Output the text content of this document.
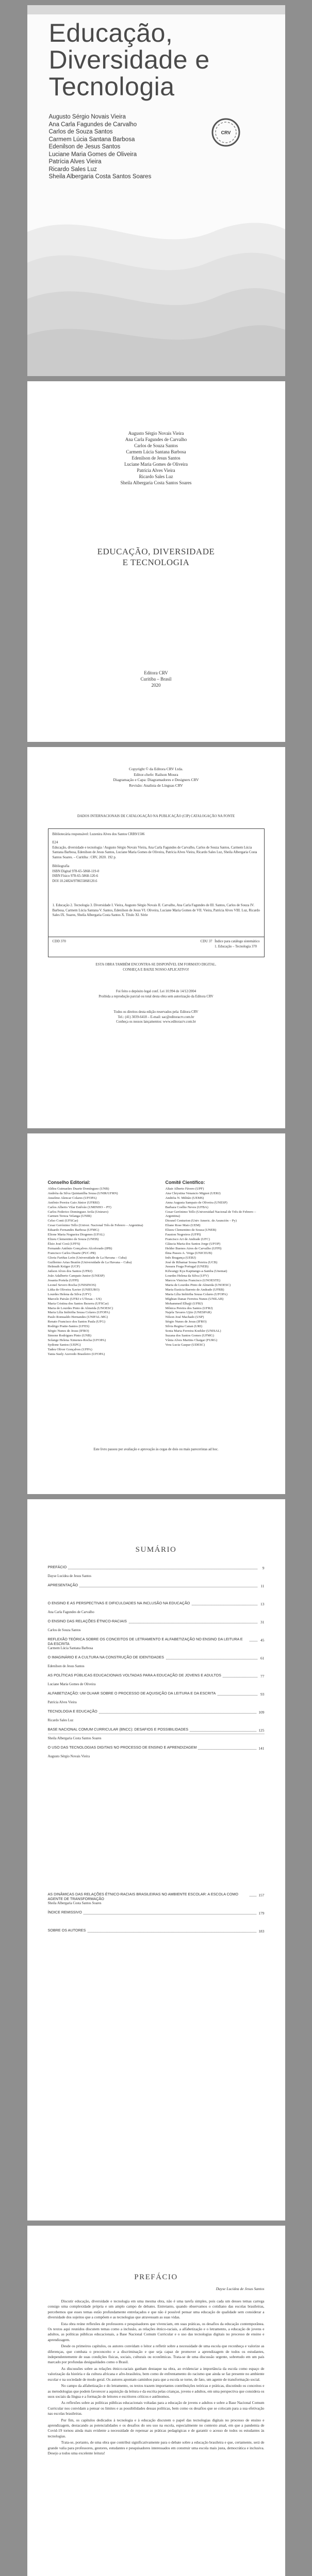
Educação,
Diversidade e
Tecnologia
Augusto Sérgio Novais Vieira
Ana Carla Fagundes de Carvalho
Carlos de Souza Santos
Carmem Lúcia Santana Barbosa
Edenilson de Jesus Santos
Luciane Maria Gomes de Oliveira
Patrícia Alves Vieira
Ricardo Sales Luz
Sheila Albergaria Costa Santos Soares
CRV
Augusto Sérgio Novais Vieira
Ana Carla Fagundes de Carvalho
Carlos de Souza Santos
Carmem Lúcia Santana Barbosa
Edenilson de Jesus Santos
Luciane Maria Gomes de Oliveira
Patrícia Alves Vieira
Ricardo Sales Luz
Sheila Albergaria Costa Santos Soares
EDUCAÇÃO, DIVERSIDADE
E TECNOLOGIA
Editora CRV
Curitiba – Brasil
2020
Copyright © da Editora CRV Ltda.
Editor-chefe: Railson Moura
Diagramação e Capa: Diagramadores e Designers CRV
Revisão: Analista de Línguas CRV
DADOS INTERNACIONAIS DE CATALOGAÇÃO NA PUBLICAÇÃO (CIP) CATALOGAÇÃO NA FONTE
Bibliotecária responsável: Luzenira Alves dos Santos CRB9/1506
E24
Educação, diversidade e tecnologia / Augusto Sérgio Novais Vieira, Ana Carla Fagundes de Carvalho, Carlos de Souza Santos, Carmem Lúcia Santana Barbosa, Edenilson de Jesus Santos, Luciane Maria Gomes de Oliveira, Patrícia Alves Vieira, Ricardo Sales Luz, Sheila Albergaria Costa Santos Soares. – Curitiba : CRV, 2020. 192 p.
Bibliografia
ISBN Digital 978-65-5868-119-0
ISBN Físico 978-65-5868-120-6
DOI 10.24824/978655868120.6
1. Educação 2. Tecnologia 3. Diversidade I. Vieira, Augusto Sérgio Novais II. Carvalho, Ana Carla Fagundes de III. Santos, Carlos de Souza IV. Barbosa, Carmem Lúcia Santana V. Santos, Edenilson de Jesus VI. Oliveira, Luciane Maria Gomes de VII. Vieira, Patrícia Alves VIII. Luz, Ricardo Sales IX. Soares, Sheila Albergaria Costa Santos X. Título XI. Série
CDD 370	CDU 37 Índice para catálogo sistemático
1. Educação – Tecnologia 370
ESTA OBRA TAMBÉM ENCONTRA-SE DISPONÍVEL EM FORMATO DIGITAL.
CONHEÇA E BAIXE NOSSO APLICATIVO!
Foi feito o depósito legal conf. Lei 10.994 de 14/12/2004
Proibida a reprodução parcial ou total desta obra sem autorização da Editora CRV
Todos os direitos desta edição reservados pela: Editora CRV
Tel.: (41) 3039-6418 – E-mail: sac@editoracrv.com.br
Conheça os nossos lançamentos: www.editoracrv.com.br
Conselho Editorial:
Aldira Guimarães Duarte Domínguez (UNB)
Andréia da Silva Quintanilha Sousa (UNIR/UFRN)
Anselmo Alencar Colares (UFOPA)
Antônio Pereira Gaio Júnior (UFRRJ)
Carlos Alberto Vilar Estêvão (UMINHO – PT)
Carlos Federico Dominguez Avila (Unieuro)
Carmen Tereza Velanga (UNIR)
Celso Conti (UFSCar)
Cesar Gerónimo Tello (Univer. Nacional Três de Febrero – Argentina)
Eduardo Fernandes Barbosa (UFMG)
Elione Maria Nogueira Diogenes (UFAL)
Elizeu Clementino de Souza (UNEB)
Élsio José Corá (UFFS)
Fernando Antônio Gonçalves Alcoforado (IPB)
Francisco Carlos Duarte (PUC-PR)
Gloria Fariñas León (Universidade de La Havana – Cuba)
Guillermo Arias Beatón (Universidade de La Havana – Cuba)
Helmuth Krüger (UCP)
Jailson Alves dos Santos (UFRJ)
João Adalberto Campato Junior (UNESP)
Josania Portela (UFPI)
Leonel Severo Rocha (UNISINOS)
Lídia de Oliveira Xavier (UNIEURO)
Lourdes Helena da Silva (UFV)
Marcelo Paixão (UFRJ e UTexas – US)
Maria Cristina dos Santos Bezerra (UFSCar)
Maria de Lourdes Pinto de Almeida (UNOESC)
Maria Lília Imbiriba Sousa Colares (UFOPA)
Paulo Romualdo Hernandes (UNIFAL-MG)
Renato Francisco dos Santos Paula (UFG)
Rodrigo Pratte-Santos (UFES)
Sérgio Nunes de Jesus (IFRO)
Simone Rodrigues Pinto (UNB)
Solange Helena Ximenes-Rocha (UFOPA)
Sydione Santos (UEPG)
Tadeu Oliver Gonçalves (UFPA)
Tania Suely Azevedo Brasileiro (UFOPA)
Comitê Científico:
Altair Alberto Fávero (UPF)
Ana Chrystina Venancio Mignot (UERJ)
Andréia N. Militão (UEMS)
Anna Augusta Sampaio de Oliveira (UNESP)
Barbara Coelho Neves (UFBA)
Cesar Gerónimo Tello (Universidad Nacional de Três de Febrero – Argentina)
Diosnel Centurion (Univ Americ. de Asunción – Py)
Eliane Rose Maio (UEM)
Elizeu Clementino de Souza (UNEB)
Fauston Negreiros (UFPI)
Francisco Ari de Andrade (UFC)
Gláucia Maria dos Santos Jorge (UFOP)
Helder Buenos Aires de Carvalho (UFPI)
Ilma Passos A. Veiga (UNICEUB)
Inês Bragança (UERJ)
José de Ribamar Sousa Pereira (UCB)
Jussara Fraga Portugal (UNEB)
Kilwangy Kya Kapitango-a-Samba (Unemat)
Lourdes Helena da Silva (UFV)
Marcos Vinicius Francisco (UNOESTE)
Maria de Lourdes Pinto de Almeida (UNOESC)
Maria Eurácia Barreto de Andrade (UFRB)
Maria Lília Imbiriba Sousa Colares (UFOPA)
Míghian Danae Ferreira Nunes (UNILAB)
Mohammed Elhajji (UFRJ)
Mônica Pereira dos Santos (UFRJ)
Najela Tavares Ujiie (UNESPAR)
Nilson José Machado (USP)
Sérgio Nunes de Jesus (IFRO)
Silvia Regina Canan (URI)
Sonia Maria Ferreira Koehler (UNISAL)
Suzana dos Santos Gomes (UFMG)
Vânia Alves Martins Chaigar (FURG)
Vera Lucia Gaspar (UDESC)
Este livro passou por avaliação e aprovação às cegas de dois ou mais pareceristas ad hoc.
SUMÁRIO
PREFÁCIO	9
Dayse Lucidea de Jesus Santos
APRESENTAÇÃO	11
O ENSINO E AS PERSPECTIVAS E DIFICULDADES NA INCLUSÃO NA EDUCAÇÃO	13
Ana Carla Fagundes de Carvalho
O ENSINO DAS RELAÇÕES ÉTNICO-RACIAIS	31
Carlos de Souza Santos
REFLEXÃO TEÓRICA SOBRE OS CONCEITOS DE LETRAMENTO E ALFABETIZAÇÃO NO ENSINO DA LEITURA E DA ESCRITA
45
Carmem Lúcia Santana Barbosa
O IMAGINÁRIO E A CULTURA NA CONSTRUÇÃO DE IDENTIDADES	61
Edenilson de Jesus Santos
AS POLÍTICAS PÚBLICAS EDUCACIONAIS VOLTADAS PARA A EDUCAÇÃO DE JOVENS E ADULTOS	77
Luciane Maria Gomes de Oliveira
ALFABETIZAÇÃO: UM OLHAR SOBRE O PROCESSO DE AQUISIÇÃO DA LEITURA E DA ESCRITA	93
Patrícia Alves Vieira
TECNOLOGIA E EDUCAÇÃO	109
Ricardo Sales Luz
BASE NACIONAL COMUM CURRICULAR (BNCC): DESAFIOS E POSSIBILIDADES	125
Sheila Albergaria Costa Santos Soares
O USO DAS TECNOLOGIAS DIGITAIS NO PROCESSO DE ENSINO E APRENDIZAGEM	141
Augusto Sérgio Novais Vieira
AS DINÂMICAS DAS RELAÇÕES ÉTNICO-RACIAIS BRASILEIRAS NO AMBIENTE ESCOLAR: A ESCOLA COMO AGENTE DE TRANSFORMAÇÃO
157
Sheila Albergaria Costa Santos Soares
ÍNDICE REMISSIVO	179
SOBRE OS AUTORES	183
PREFÁCIO
Dayse Lucidea de Jesus Santos

Discutir educação, diversidade e tecnologia em uma mesma obra, não é uma tarefa simples, pois cada um desses temas carrega consigo uma complexidade própria e um amplo campo de debates. Entretanto, quando observamos o cotidiano das escolas brasileiras, percebemos que esses temas estão profundamente entrelaçados e que não é possível pensar uma educação de qualidade sem considerar a diversidade dos sujeitos que a compõem e as tecnologias que atravessam as suas vidas.

Esta obra reúne reflexões de professores e pesquisadores que vivenciam, em suas práticas, os desafios da educação contemporânea. Os textos aqui reunidos discutem temas como a inclusão, as relações étnico-raciais, a alfabetização e o letramento, a educação de jovens e adultos, as políticas públicas educacionais, a Base Nacional Comum Curricular e o uso das tecnologias digitais no processo de ensino e aprendizagem.

Desde os primeiros capítulos, os autores convidam o leitor a refletir sobre a necessidade de uma escola que reconheça e valorize as diferenças, que combata o preconceito e a discriminação e que seja capaz de promover a aprendizagem de todos os estudantes, independentemente de suas condições físicas, sociais, culturais ou econômicas. Trata-se de uma discussão urgente, sobretudo em um país marcado por profundas desigualdades como o Brasil.

As discussões sobre as relações étnico-raciais ganham destaque na obra, ao evidenciar a importância da escola como espaço de valorização da história e da cultura africana e afro-brasileira, bem como de enfrentamento do racismo que ainda se faz presente no ambiente escolar e na sociedade de modo geral. Os autores apontam caminhos para que a escola se torne, de fato, um agente de transformação social.

No campo da alfabetização e do letramento, os textos trazem importantes contribuições teóricas e práticas, discutindo os conceitos e as metodologias que podem favorecer a aquisição da leitura e da escrita pelas crianças, jovens e adultos, em uma perspectiva que considera os usos sociais da língua e a formação de leitores e escritores críticos e autônomos.

As reflexões sobre as políticas públicas educacionais voltadas para a educação de jovens e adultos e sobre a Base Nacional Comum Curricular nos convidam a pensar os limites e as possibilidades dessas políticas, bem como os desafios que se colocam para a sua efetivação nas escolas brasileiras.

Por fim, os capítulos dedicados à tecnologia e à educação discutem o papel das tecnologias digitais no processo de ensino e aprendizagem, destacando as potencialidades e os desafios do seu uso na escola, especialmente no contexto atual, em que a pandemia de Covid-19 tornou ainda mais evidente a necessidade de repensar as práticas pedagógicas e de garantir o acesso de todos os estudantes às tecnologias.

Trata-se, portanto, de uma obra que contribui significativamente para o debate sobre a educação brasileira e que, certamente, será de grande valia para professores, gestores, estudantes e pesquisadores interessados em construir uma escola mais justa, democrática e inclusiva. Desejo a todos uma excelente leitura!
